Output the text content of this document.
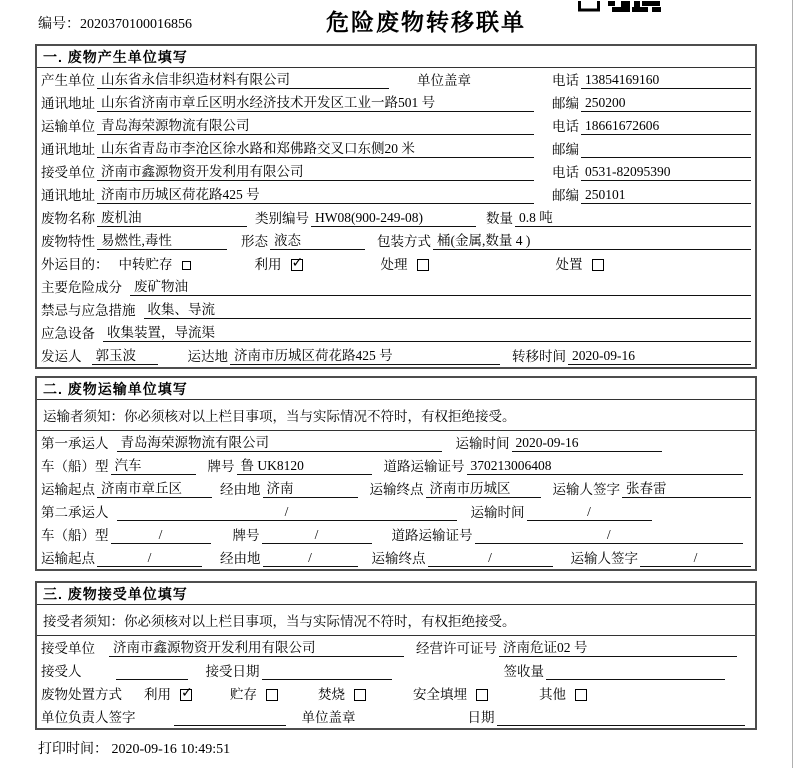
编号：2020370100016856	危险废物转移联单
一. 废物产生单位填写
产生单位 山东省永信非织造材料有限公司	单位盖章	电话 13854169160
通讯地址 山东省济南市章丘区明水经济技术开发区工业一路501 号	邮编 250200
运输单位 青岛海荣源物流有限公司	电话 18661672606
通讯地址 山东省青岛市李沧区徐水路和郑佛路交叉口东侧20 米	邮编
接受单位 济南市鑫源物资开发利用有限公司	电话 0531-82095390
通讯地址 济南市历城区荷花路425 号	邮编 250101
废物名称 废机油	类别编号 HW08(900-249-08)	数量 0.8 吨
废物特性 易燃性,毒性	形态 液态	包装方式 桶(金属,数量 4 )
外运目的： 中转贮存	利用 ✓	处理	处置
主要危险成分 废矿物油
禁忌与应急措施 收集、导流
应急设备 收集装置，导流渠
发运人 郭玉波	运达地 济南市历城区荷花路425 号	转移时间 2020-09-16
二. 废物运输单位填写
运输者须知： 你必须核对以上栏目事项，当与实际情况不符时，有权拒绝接受。
第一承运人 青岛海荣源物流有限公司	运输时间 2020-09-16
车（船）型 汽车	牌号 鲁 UK8120	道路运输证号 370213006408
运输起点 济南市章丘区	经由地 济南	运输终点 济南市历城区	运输人签字 张春雷
第二承运人	/	运输时间	/
车（船）型	/	牌号	/	道路运输证号	/
运输起点	/	经由地	/	运输终点	/	运输人签字	/
三. 废物接受单位填写
接受者须知： 你必须核对以上栏目事项，当与实际情况不符时，有权拒绝接受。
接受单位 济南市鑫源物资开发利用有限公司	经营许可证号 济南危证02 号
接受人	接受日期	签收量
废物处置方式 利用 ✓	贮存	焚烧	安全填埋	其他
单位负责人签字	单位盖章	日期
打印时间： 2020-09-16 10:49:51
